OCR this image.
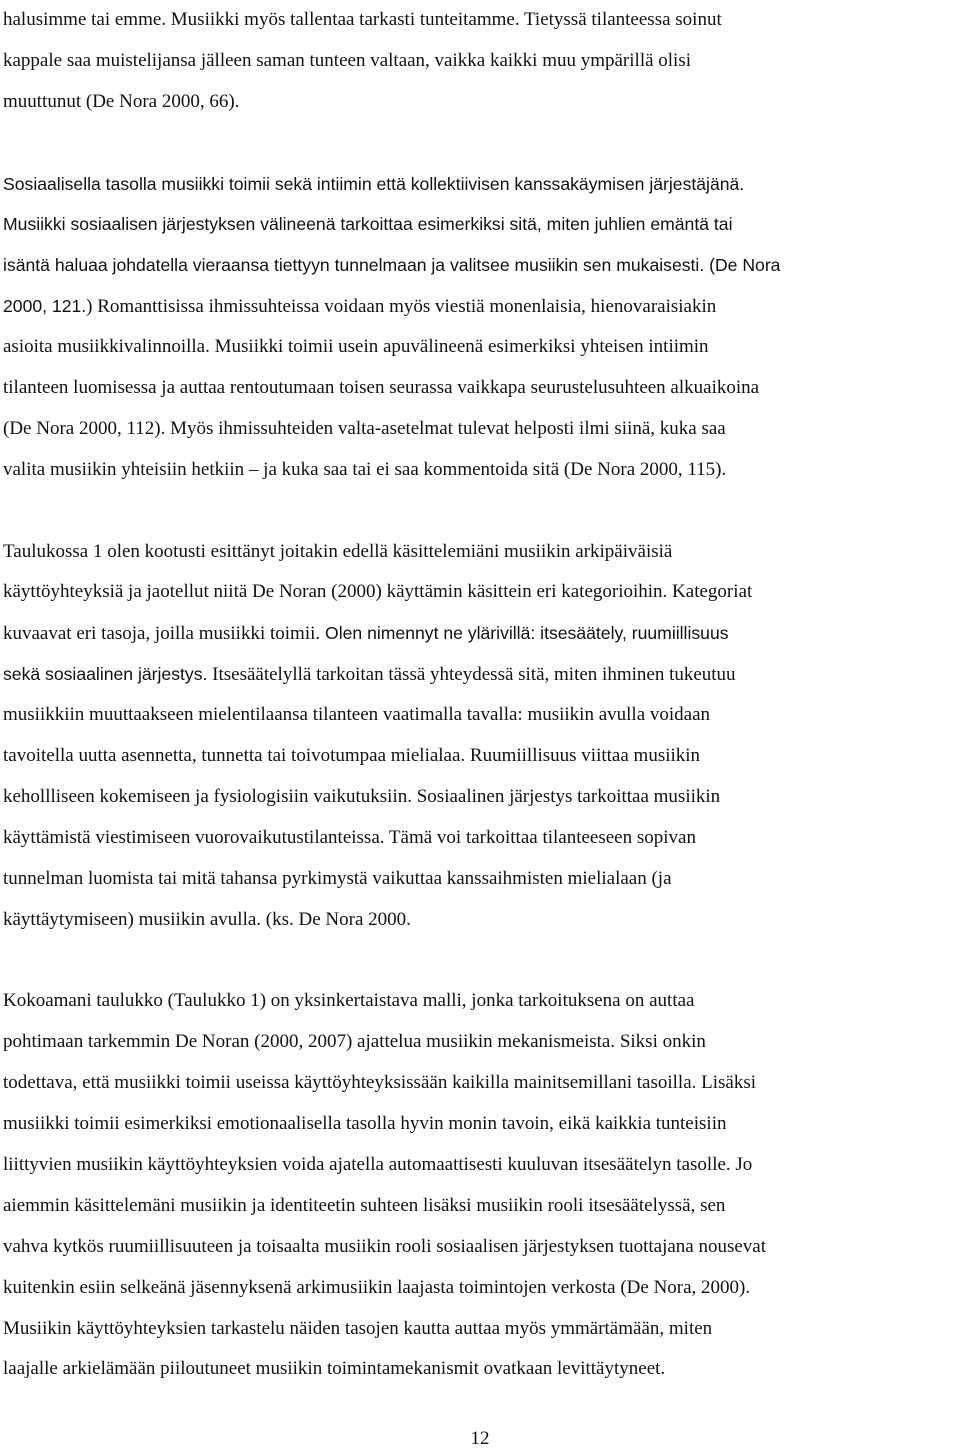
halusimme tai emme. Musiikki myös tallentaa tarkasti tunteitamme. Tietyssä tilanteessa soinut
kappale saa muistelijansa jälleen saman tunteen valtaan, vaikka kaikki muu ympärillä olisi
muuttunut (De Nora 2000, 66).
Sosiaalisella tasolla musiikki toimii sekä intiimin että kollektiivisen kanssakäymisen järjestäjänä.
Musiikki sosiaalisen järjestyksen välineenä tarkoittaa esimerkiksi sitä, miten juhlien emäntä tai
isäntä haluaa johdatella vieraansa tiettyyn tunnelmaan ja valitsee musiikin sen mukaisesti. (De Nora
2000, 121.) Romanttisissa ihmissuhteissa voidaan myös viestiä monenlaisia, hienovaraisiakin
asioita musiikkivalinnoilla. Musiikki toimii usein apuvälineenä esimerkiksi yhteisen intiimin
tilanteen luomisessa ja auttaa rentoutumaan toisen seurassa vaikkapa seurustelusuhteen alkuaikoina
(De Nora 2000, 112). Myös ihmissuhteiden valta-asetelmat tulevat helposti ilmi siinä, kuka saa
valita musiikin yhteisiin hetkiin – ja kuka saa tai ei saa kommentoida sitä (De Nora 2000, 115).
Taulukossa 1 olen kootusti esittänyt joitakin edellä käsittelemiäni musiikin arkipäiväisiä
käyttöyhteyksiä ja jaotellut niitä De Noran (2000) käyttämin käsittein eri kategorioihin. Kategoriat
kuvaavat eri tasoja, joilla musiikki toimii. Olen nimennyt ne ylärivillä: itsesäätely, ruumiillisuus
sekä sosiaalinen järjestys. Itsesäätelyllä tarkoitan tässä yhteydessä sitä, miten ihminen tukeutuu
musiikkiin muuttaakseen mielentilaansa tilanteen vaatimalla tavalla: musiikin avulla voidaan
tavoitella uutta asennetta, tunnetta tai toivotumpaa mielialaa. Ruumiillisuus viittaa musiikin
kehollliseen kokemiseen ja fysiologisiin vaikutuksiin. Sosiaalinen järjestys tarkoittaa musiikin
käyttämistä viestimiseen vuorovaikutustilanteissa. Tämä voi tarkoittaa tilanteeseen sopivan
tunnelman luomista tai mitä tahansa pyrkimystä vaikuttaa kanssaihmisten mielialaan (ja
käyttäytymiseen) musiikin avulla. (ks. De Nora 2000.
Kokoamani taulukko (Taulukko 1) on yksinkertaistava malli, jonka tarkoituksena on auttaa
pohtimaan tarkemmin De Noran (2000, 2007) ajattelua musiikin mekanismeista. Siksi onkin
todettava, että musiikki toimii useissa käyttöyhteyksissään kaikilla mainitsemillani tasoilla. Lisäksi
musiikki toimii esimerkiksi emotionaalisella tasolla hyvin monin tavoin, eikä kaikkia tunteisiin
liittyvien musiikin käyttöyhteyksien voida ajatella automaattisesti kuuluvan itsesäätelyn tasolle. Jo
aiemmin käsittelemäni musiikin ja identiteetin suhteen lisäksi musiikin rooli itsesäätelyssä, sen
vahva kytkös ruumiillisuuteen ja toisaalta musiikin rooli sosiaalisen järjestyksen tuottajana nousevat
kuitenkin esiin selkeänä jäsennyksenä arkimusiikin laajasta toimintojen verkosta (De Nora, 2000).
Musiikin käyttöyhteyksien tarkastelu näiden tasojen kautta auttaa myös ymmärtämään, miten
laajalle arkielämään piiloutuneet musiikin toimintamekanismit ovatkaan levittäytyneet.
12
